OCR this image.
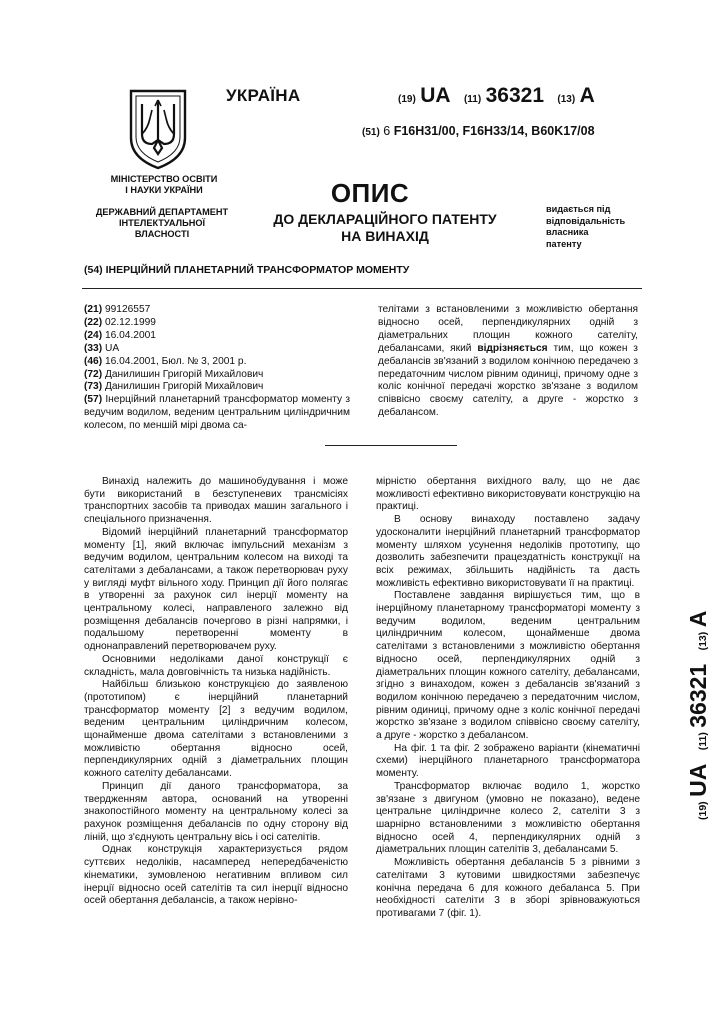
УКРАЇНА
МІНІСТЕРСТВО ОСВІТИ
І НАУКИ УКРАЇНИ
ДЕРЖАВНИЙ ДЕПАРТАМЕНТ
ІНТЕЛЕКТУАЛЬНОЇ
ВЛАСНОСТІ
(19) UA (11) 36321 (13) A
(51) 6 F16H31/00, F16H33/14, B60K17/08
ОПИС
ДО ДЕКЛАРАЦІЙНОГО ПАТЕНТУ
НА ВИНАХІД
видається під
відповідальність
власника
патенту
(54) ІНЕРЦІЙНИЙ ПЛАНЕТАРНИЙ ТРАНСФОРМАТОР МОМЕНТУ
(21) 99126557
(22) 02.12.1999
(24) 16.04.2001
(33) UA
(46) 16.04.2001, Бюл. № 3, 2001 р.
(72) Данилишин Григорій Михайлович
(73) Данилишин Григорій Михайлович
(57) Інерційний планетарний трансформатор моменту з ведучим водилом, веденим центральним циліндричним колесом, по меншій мірі двома са-
телітами з встановленими з можливістю обертання відносно осей, перпендикулярних одній з діаметральних площин кожного сателіту, дебалансами, який відрізняється тим, що кожен з дебалансів зв'язаний з водилом конічною передачею з передаточним числом рівним одиниці, причому одне з коліс конічної передачі жорстко зв'язане з водилом співвісно своєму сателіту, а друге - жорстко з дебалансом.

Винахід належить до машинобудування і може бути використаний в безступеневих трансмісіях транспортних засобів та приводах машин загального і спеціального призначення.

Відомий інерційний планетарний трансформатор моменту [1], який включає імпульсний механізм з ведучим водилом, центральним колесом на виході та сателітами з дебалансами, а також перетворювач руху у вигляді муфт вільного ходу. Принцип дії його полягає в утворенні за рахунок сил інерції моменту на центральному колесі, направленого залежно від розміщення дебалансів почергово в різні напрямки, і подальшому перетворенні моменту в однонаправлений перетворювачем руху.

Основними недоліками даної конструкції є складність, мала довговічність та низька надійність.

Найбільш близькою конструкцією до заявленою (прототипом) є інерційний планетарний трансформатор моменту [2] з ведучим водилом, веденим центральним циліндричним колесом, щонайменше двома сателітами з встановленими з можливістю обертання відносно осей, перпендикулярних одній з діаметральних площин кожного сателіту дебалансами.

Принцип дії даного трансформатора, за твердженням автора, оснований на утворенні знакопостійного моменту на центральному колесі за рахунок розміщення дебалансів по одну сторону від ліній, що з'єднують центральну вісь і осі сателітів.

Однак конструкція характеризується рядом суттєвих недоліків, насамперед непередбаченістю кінематики, зумовленою негативним впливом сил інерції відносно осей сателітів та сил інерції відносно осей обертання дебалансів, а також нерівно-

мірністю обертання вихідного валу, що не дає можливості ефективно використовувати конструкцію на практиці.

В основу винаходу поставлено задачу удосконалити інерційний планетарний трансформатор моменту шляхом усунення недоліків прототипу, що дозволить забезпечити працездатність конструкції на всіх режимах, збільшить надійність та дасть можливість ефективно використовувати її на практиці.

Поставлене завдання вирішується тим, що в інерційному планетарному трансформаторі моменту з ведучим водилом, веденим центральним циліндричним колесом, щонайменше двома сателітами з встановленими з можливістю обертання відносно осей, перпендикулярних одній з діаметральних площин кожного сателіту, дебалансами, згідно з винаходом, кожен з дебалансів зв'язаний з водилом конічною передачею з передаточним числом, рівним одиниці, причому одне з коліс конічної передачі жорстко зв'язане з водилом співвісно своєму сателіту, а друге - жорстко з дебалансом.

На фіг. 1 та фіг. 2 зображено варіанти (кінематичні схеми) інерційного планетарного трансформатора моменту.

Трансформатор включає водило 1, жорстко зв'язане з двигуном (умовно не показано), ведене центральне циліндричне колесо 2, сателіти 3 з шарнірно встановленими з можливістю обертання відносно осей 4, перпендикулярних одній з діаметральних площин сателітів 3, дебалансами 5.

Можливість обертання дебалансів 5 з рівними з сателітами 3 кутовими швидкостями забезпечує конічна передача 6 для кожного дебаланса 5. При необхідності сателіти 3 в зборі зрівноважуються противагами 7 (фіг. 1).

(19) UA   (11) 36321   (13) A
